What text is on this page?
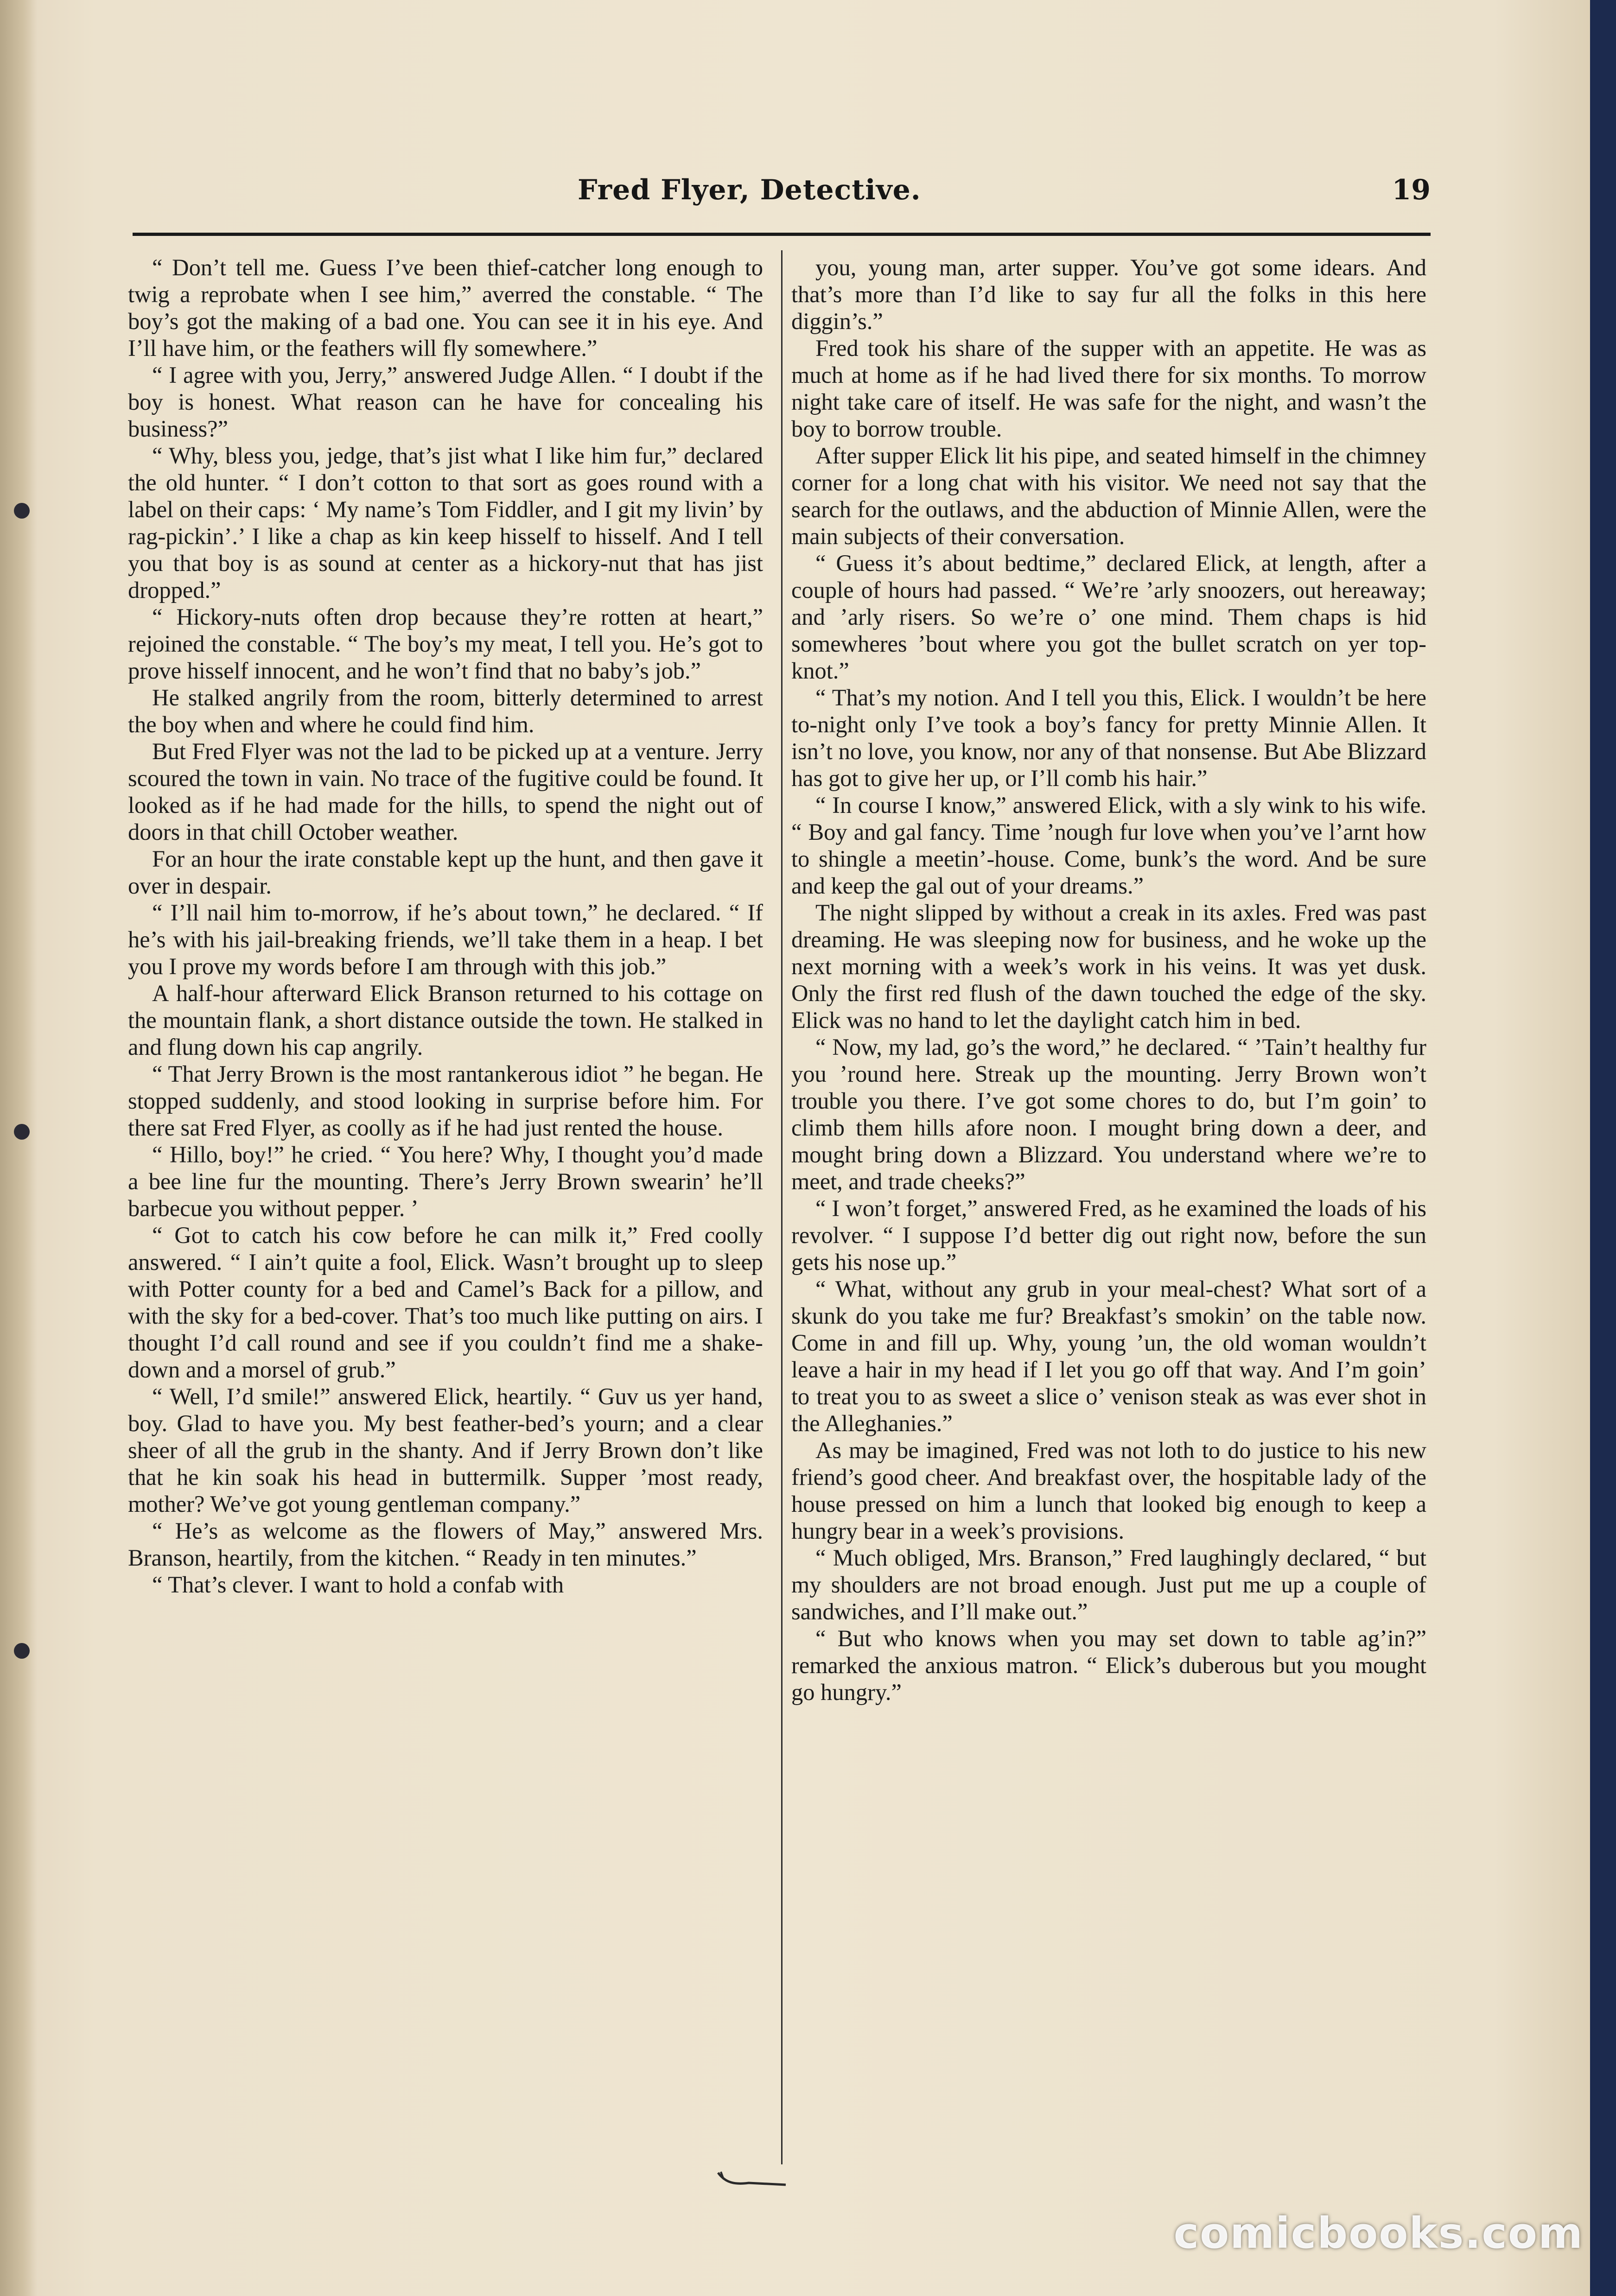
Fred Flyer, Detective.	19

“ Don’t tell me. Guess I’ve been thief-catcher long enough to twig a reprobate when I see him,” averred the constable. “ The boy’s got the making of a bad one. You can see it in his eye. And I’ll have him, or the feathers will fly somewhere.”

“ I agree with you, Jerry,” answered Judge Allen. “ I doubt if the boy is honest. What reason can he have for concealing his business?”

“ Why, bless you, jedge, that’s jist what I like him fur,” declared the old hunter. “ I don’t cotton to that sort as goes round with a label on their caps: ‘ My name’s Tom Fiddler, and I git my livin’ by rag-pickin’.’ I like a chap as kin keep hisself to hisself. And I tell you that boy is as sound at center as a hickory-nut that has jist dropped.”

“ Hickory-nuts often drop because they’re rotten at heart,” rejoined the constable. “ The boy’s my meat, I tell you. He’s got to prove hisself innocent, and he won’t find that no baby’s job.”

He stalked angrily from the room, bitterly determined to arrest the boy when and where he could find him.

But Fred Flyer was not the lad to be picked up at a venture. Jerry scoured the town in vain. No trace of the fugitive could be found. It looked as if he had made for the hills, to spend the night out of doors in that chill October weather.

For an hour the irate constable kept up the hunt, and then gave it over in despair.

“ I’ll nail him to-morrow, if he’s about town,” he declared. “ If he’s with his jail-breaking friends, we’ll take them in a heap. I bet you I prove my words before I am through with this job.”

A half-hour afterward Elick Branson returned to his cottage on the mountain flank, a short distance outside the town. He stalked in and flung down his cap angrily.

“ That Jerry Brown is the most rantankerous idiot ” he began. He stopped suddenly, and stood looking in surprise before him. For there sat Fred Flyer, as coolly as if he had just rented the house.

“ Hillo, boy!” he cried. “ You here? Why, I thought you’d made a bee line fur the mounting. There’s Jerry Brown swearin’ he’ll barbecue you without pepper. ’

“ Got to catch his cow before he can milk it,” Fred coolly answered. “ I ain’t quite a fool, Elick. Wasn’t brought up to sleep with Potter county for a bed and Camel’s Back for a pillow, and with the sky for a bed-cover. That’s too much like putting on airs. I thought I’d call round and see if you couldn’t find me a shake-down and a morsel of grub.”

“ Well, I’d smile!” answered Elick, heartily. “ Guv us yer hand, boy. Glad to have you. My best feather-bed’s yourn; and a clear sheer of all the grub in the shanty. And if Jerry Brown don’t like that he kin soak his head in buttermilk. Supper ’most ready, mother? We’ve got young gentleman company.”

“ He’s as welcome as the flowers of May,” answered Mrs. Branson, heartily, from the kitchen. “ Ready in ten minutes.”

“ That’s clever. I want to hold a confab with

you, young man, arter supper. You’ve got some idears. And that’s more than I’d like to say fur all the folks in this here diggin’s.”

Fred took his share of the supper with an appetite. He was as much at home as if he had lived there for six months. To morrow night take care of itself. He was safe for the night, and wasn’t the boy to borrow trouble.

After supper Elick lit his pipe, and seated himself in the chimney corner for a long chat with his visitor. We need not say that the search for the outlaws, and the abduction of Minnie Allen, were the main subjects of their conversation.

“ Guess it’s about bedtime,” declared Elick, at length, after a couple of hours had passed. “ We’re ’arly snoozers, out hereaway; and ’arly risers. So we’re o’ one mind. Them chaps is hid somewheres ’bout where you got the bullet scratch on yer top-knot.”

“ That’s my notion. And I tell you this, Elick. I wouldn’t be here to-night only I’ve took a boy’s fancy for pretty Minnie Allen. It isn’t no love, you know, nor any of that nonsense. But Abe Blizzard has got to give her up, or I’ll comb his hair.”

“ In course I know,” answered Elick, with a sly wink to his wife. “ Boy and gal fancy. Time ’nough fur love when you’ve l’arnt how to shingle a meetin’-house. Come, bunk’s the word. And be sure and keep the gal out of your dreams.”

The night slipped by without a creak in its axles. Fred was past dreaming. He was sleeping now for business, and he woke up the next morning with a week’s work in his veins. It was yet dusk. Only the first red flush of the dawn touched the edge of the sky. Elick was no hand to let the daylight catch him in bed.

“ Now, my lad, go’s the word,” he declared. “ ’Tain’t healthy fur you ’round here. Streak up the mounting. Jerry Brown won’t trouble you there. I’ve got some chores to do, but I’m goin’ to climb them hills afore noon. I mought bring down a deer, and mought bring down a Blizzard. You understand where we’re to meet, and trade cheeks?”

“ I won’t forget,” answered Fred, as he examined the loads of his revolver. “ I suppose I’d better dig out right now, before the sun gets his nose up.”

“ What, without any grub in your meal-chest? What sort of a skunk do you take me fur? Breakfast’s smokin’ on the table now. Come in and fill up. Why, young ’un, the old woman wouldn’t leave a hair in my head if I let you go off that way. And I’m goin’ to treat you to as sweet a slice o’ venison steak as was ever shot in the Alleghanies.”

As may be imagined, Fred was not loth to do justice to his new friend’s good cheer. And breakfast over, the hospitable lady of the house pressed on him a lunch that looked big enough to keep a hungry bear in a week’s provisions.

“ Much obliged, Mrs. Branson,” Fred laughingly declared, “ but my shoulders are not broad enough. Just put me up a couple of sandwiches, and I’ll make out.”

“ But who knows when you may set down to table ag’in?” remarked the anxious matron. “ Elick’s duberous but you mought go hungry.”

comicbooks.com
